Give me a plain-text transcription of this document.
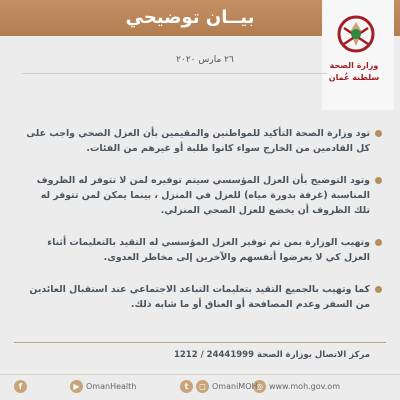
بيــان توضيحي
وزارة الصحة
سلطنة عُمان
٢٦ مارس ٢٠٢٠
تود وزارة الصحة التأكيد للمواطنين والمقيمين بأن العزل الصحي واجب على كل القادمين من الخارج سواء كانوا طلبة أو غيرهم من الفئات.
وتود التوضيح بأن العزل المؤسسي سيتم توفيره لمن لا تتوفر له الظروف المناسبة (غرفة بدورة مياه) للعزل في المنزل ، بينما يمكن لمن تتوفر له تلك الظروف أن يخضع للعزل الصحي المنزلي.
وتهيب الوزارة بمن تم توفير العزل المؤسسي له التقيد بالتعليمات أثناء العزل كي لا يعرضوا أنفسهم والآخرين إلى مخاطر العدوى.
كما وتهيب بالجميع التقيد بتعليمات التباعد الاجتماعي عند استقبال العائدين من السفر وعدم المصافحة أو العناق أو ما شابه ذلك.
مركز الاتصال بوزارة الصحة 24441999 / 1212
◎ www.moh.gov.om
t	◻ OmaniMOH
▶ OmanHealth
f
